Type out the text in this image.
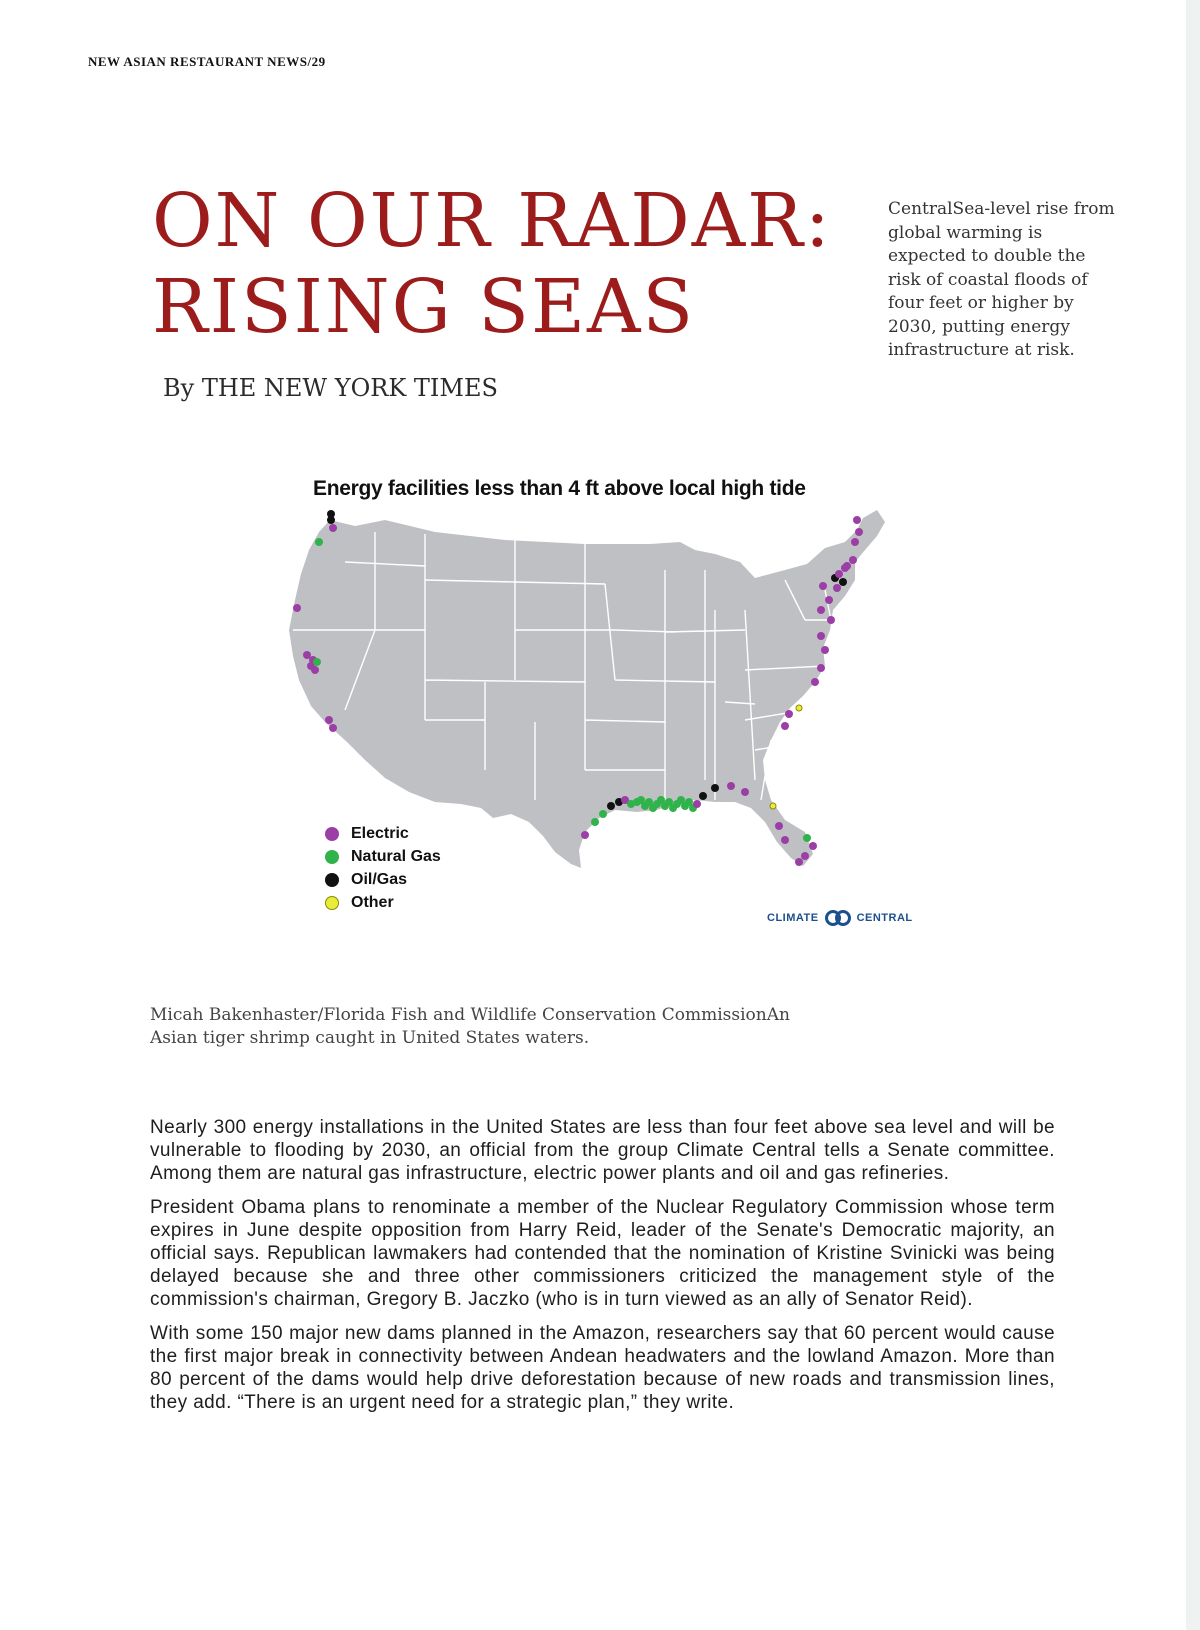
NEW ASIAN RESTAURANT NEWS/29
ON OUR RADAR:
RISING SEAS
By THE NEW YORK TIMES
CentralSea-level rise from global warming is expected to double the risk of coastal floods of four feet or higher by 2030, putting energy infrastructure at risk.
Energy facilities less than 4 ft above local high tide
Electric
Natural Gas
Oil/Gas
Other
CLIMATE	CENTRAL
Micah Bakenhaster/Florida Fish and Wildlife Conservation CommissionAn Asian tiger shrimp caught in United States waters.

Nearly 300 energy installations in the United States are less than four feet above sea level and will be vulnerable to flooding by 2030, an official from the group Climate Central tells a Senate committee. Among them are natural gas infrastructure, electric power plants and oil and gas refineries.

President Obama plans to renominate a member of the Nuclear Regulatory Commission whose term expires in June despite opposition from Harry Reid, leader of the Senate's Democratic majority, an official says. Republican lawmakers had contended that the nomination of Kristine Svinicki was being delayed because she and three other commissioners criticized the management style of the commission's chairman, Gregory B. Jaczko (who is in turn viewed as an ally of Senator Reid).

With some 150 major new dams planned in the Amazon, researchers say that 60 percent would cause the first major break in connectivity between Andean headwaters and the lowland Amazon. More than 80 percent of the dams would help drive deforestation because of new roads and transmission lines, they add. “There is an urgent need for a strategic plan,” they write.
